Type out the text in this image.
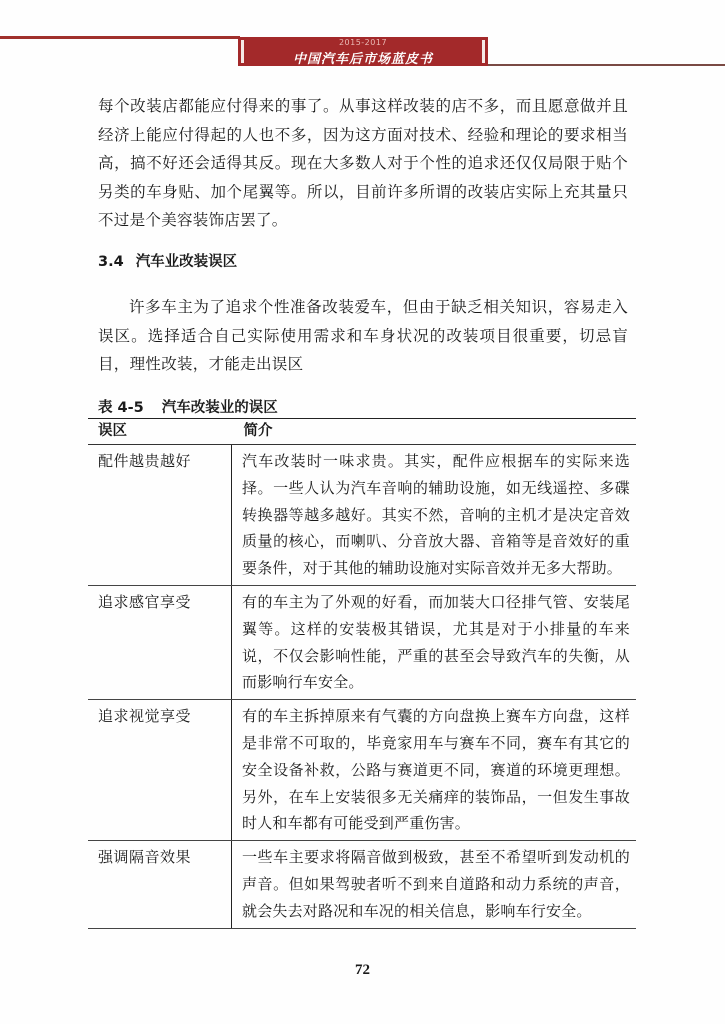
2015-2017
中国汽车后市场蓝皮书
每个改装店都能应付得来的事了。从事这样改装的店不多，而且愿意做并且经济上能应付得起的人也不多，因为这方面对技术、经验和理论的要求相当高，搞不好还会适得其反。现在大多数人对于个性的追求还仅仅局限于贴个另类的车身贴、加个尾翼等。所以，目前许多所谓的改装店实际上充其量只不过是个美容装饰店罢了。
3.4 汽车业改装误区
许多车主为了追求个性准备改装爱车，但由于缺乏相关知识，容易走入误区。选择适合自己实际使用需求和车身状况的改装项目很重要，切忌盲目，理性改装，才能走出误区
表 4-5 汽车改装业的误区
误区	简介
配件越贵越好	汽车改装时一味求贵。其实，配件应根据车的实际来选择。一些人认为汽车音响的辅助设施，如无线遥控、多碟转换器等越多越好。其实不然，音响的主机才是决定音效质量的核心，而喇叭、分音放大器、音箱等是音效好的重要条件，对于其他的辅助设施对实际音效并无多大帮助。
追求感官享受	有的车主为了外观的好看，而加装大口径排气管、安装尾翼等。这样的安装极其错误，尤其是对于小排量的车来说，不仅会影响性能，严重的甚至会导致汽车的失衡，从而影响行车安全。
追求视觉享受	有的车主拆掉原来有气囊的方向盘换上赛车方向盘，这样是非常不可取的，毕竟家用车与赛车不同，赛车有其它的安全设备补救，公路与赛道更不同，赛道的环境更理想。另外，在车上安装很多无关痛痒的装饰品，一但发生事故时人和车都有可能受到严重伤害。
强调隔音效果	一些车主要求将隔音做到极致，甚至不希望听到发动机的声音。但如果驾驶者听不到来自道路和动力系统的声音，就会失去对路况和车况的相关信息，影响车行安全。
72
